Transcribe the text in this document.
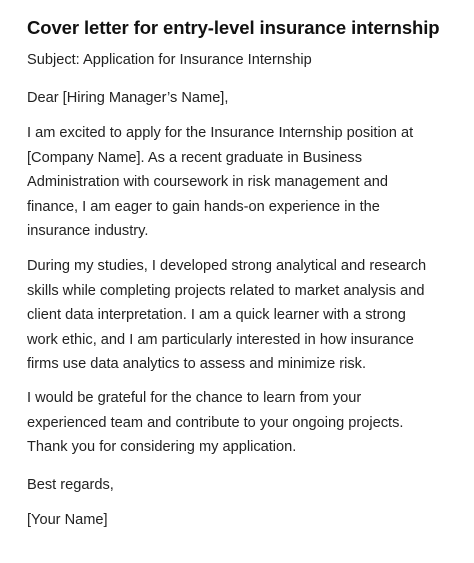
Cover letter for entry-level insurance internship

Subject: Application for Insurance Internship

Dear [Hiring Manager’s Name],

I am excited to apply for the Insurance Internship position at
[Company Name]. As a recent graduate in Business
Administration with coursework in risk management and
finance, I am eager to gain hands-on experience in the
insurance industry.

During my studies, I developed strong analytical and research
skills while completing projects related to market analysis and
client data interpretation. I am a quick learner with a strong
work ethic, and I am particularly interested in how insurance
firms use data analytics to assess and minimize risk.

I would be grateful for the chance to learn from your
experienced team and contribute to your ongoing projects.
Thank you for considering my application.

Best regards,

[Your Name]
